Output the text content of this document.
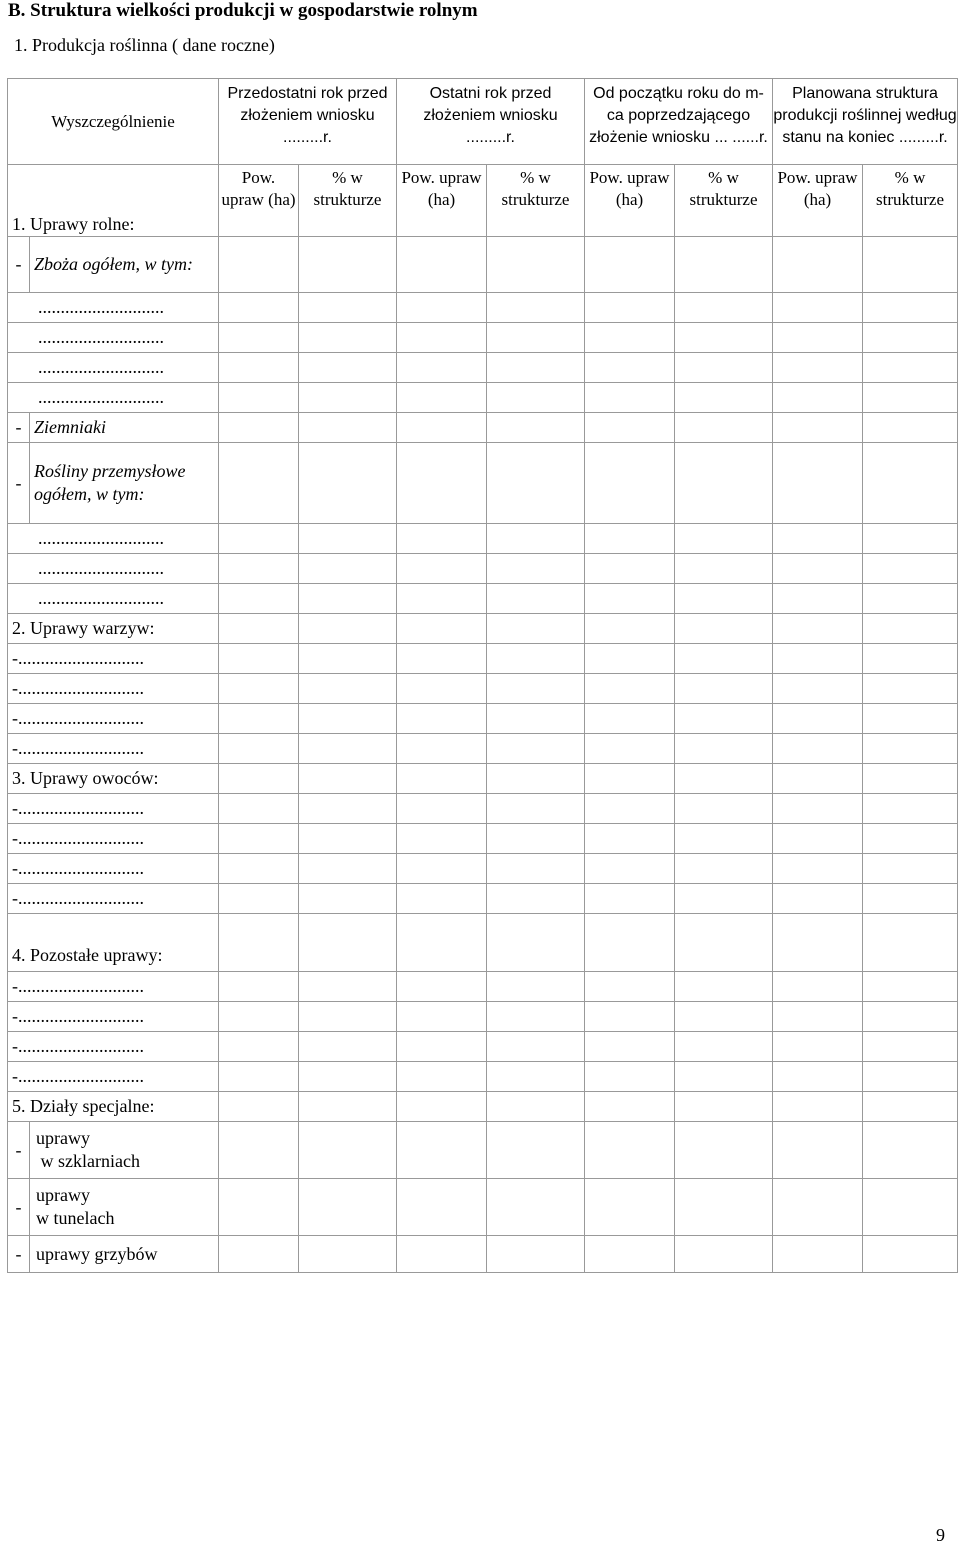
B. Struktura wielkości produkcji w gospodarstwie rolnym
1. Produkcja roślinna ( dane roczne)
Wyszczególnienie		Przedostatni rok przed złożeniem wniosku .........r.		Ostatni rok przed złożeniem wniosku .........r.		Od początku roku do m-ca poprzedzającego złożenie wniosku ... ......r.		Planowana struktura produkcji roślinnej według stanu na koniec .........r.	
1. Uprawy rolne:		Pow. upraw (ha)	% w strukturze	Pow. upraw (ha)	% w strukturze	Pow. upraw (ha)	% w strukturze	Pow. upraw (ha)	% w strukturze
-	Zboża ogółem, w tym:								
............................									
............................									
............................									
............................									
-	Ziemniaki								
-	Rośliny przemysłowe ogółem, w tym:								
............................									
............................									
............................									
2. Uprawy warzyw:									
-............................									
-............................									
-............................									
-............................									
3. Uprawy owoców:									
-............................									
-............................									
-............................									
-............................									
4. Pozostałe uprawy:									
-............................									
-............................									
-............................									
-............................									
5. Działy specjalne:									
-	uprawy
w szklarniach								
-	uprawy
w tunelach								
-	uprawy grzybów								
9
